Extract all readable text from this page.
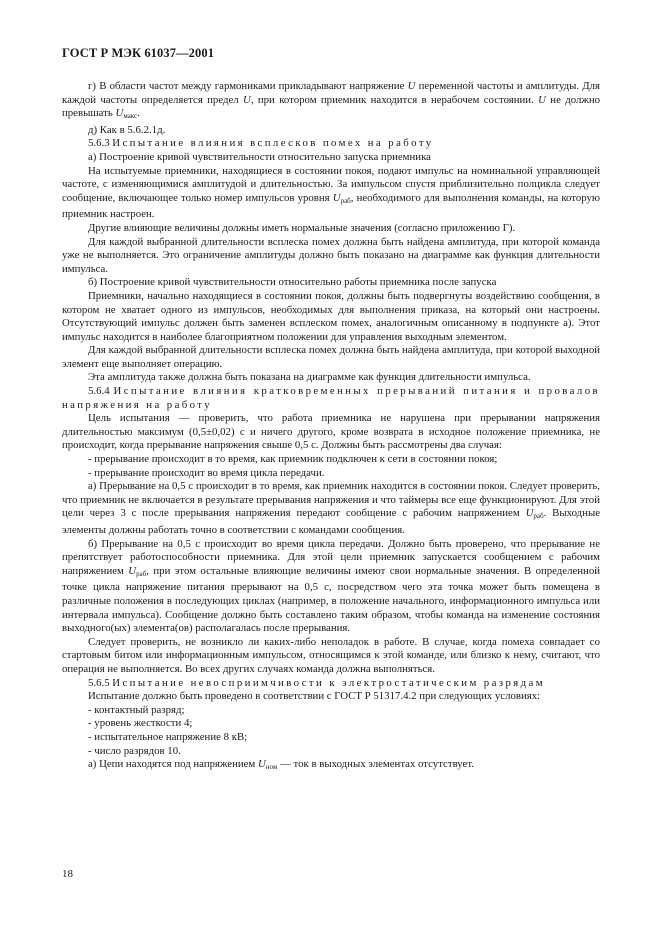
ГОСТ Р МЭК 61037—2001

г) В области частот между гармониками прикладывают напряжение U переменной частоты и амплитуды. Для каждой частоты определяется предел U, при котором приемник находится в нерабочем состоянии. U не должно превышать $U_{макс}$.

д) Как в 5.6.2.1д.

5.6.3 Испытание влияния всплесков помех на работу

а) Построение кривой чувствительности относительно запуска приемника

На испытуемые приемники, находящиеся в состоянии покоя, подают импульс на номинальной управляющей частоте, с изменяющимися амплитудой и длительностью. За импульсом спустя приблизительно полцикла следует сообщение, включающее только номер импульсов уровня $U_{раб}$, необходимого для выполнения команды, на которую приемник настроен.

Другие влияющие величины должны иметь нормальные значения (согласно приложению Г).

Для каждой выбранной длительности всплеска помех должна быть найдена амплитуда, при которой команда уже не выполняется. Это ограничение амплитуды должно быть показано на диаграмме как функция длительности импульса.

б) Построение кривой чувствительности относительно работы приемника после запуска

Приемники, начально находящиеся в состоянии покоя, должны быть подвергнуты воздействию сообщения, в котором не хватает одного из импульсов, необходимых для выполнения приказа, на который они настроены. Отсутствующий импульс должен быть заменен всплеском помех, аналогичным описанному в подпункте а). Этот импульс находится в наиболее благоприятном положении для управления выходным элементом.

Для каждой выбранной длительности всплеска помех должна быть найдена амплитуда, при которой выходной элемент еще выполняет операцию.

Эта амплитуда также должна быть показана на диаграмме как функция длительности импульса.

5.6.4 Испытание влияния кратковременных прерываний питания и провалов напряжения на работу

Цель испытания — проверить, что работа приемника не нарушена при прерывании напряжения длительностью максимум (0,5±0,02) с и ничего другого, кроме возврата в исходное положение приемника, не происходит, когда прерывание напряжения свыше 0,5 с. Должны быть рассмотрены два случая:

- прерывание происходит в то время, как приемник подключен к сети в состоянии покоя;

- прерывание происходит во время цикла передачи.

а) Прерывание на 0,5 с происходит в то время, как приемник находится в состоянии покоя. Следует проверить, что приемник не включается в результате прерывания напряжения и что таймеры все еще функционируют. Для этой цели через 3 с после прерывания напряжения передают сообщение с рабочим напряжением $U_{раб}$. Выходные элементы должны работать точно в соответствии с командами сообщения.

б) Прерывание на 0,5 с происходит во время цикла передачи. Должно быть проверено, что прерывание не препятствует работоспособности приемника. Для этой цели приемник запускается сообщением с рабочим напряжением $U_{раб}$, при этом остальные влияющие величины имеют свои нормальные значения. В определенной точке цикла напряжение питания прерывают на 0,5 с, посредством чего эта точка может быть помещена в различные положения в последующих циклах (например, в положение начального, информационного импульса или интервала импульса). Сообщение должно быть составлено таким образом, чтобы команда на изменение состояния выходного(ых) элемента(ов) располагалась после прерывания.

Следует проверить, не возникло ли каких-либо неполадок в работе. В случае, когда помеха совпадает со стартовым битом или информационным импульсом, относящимся к этой команде, или близко к нему, считают, что операция не выполняется. Во всех других случаях команда должна выполняться.

5.6.5 Испытание невосприимчивости к электростатическим разрядам

Испытание должно быть проведено в соответствии с ГОСТ Р 51317.4.2 при следующих условиях:

- контактный разряд;

- уровень жесткости 4;

- испытательное напряжение 8 кВ;

- число разрядов 10.

а) Цепи находятся под напряжением $U_{ном}$ — ток в выходных элементах отсутствует.

18
